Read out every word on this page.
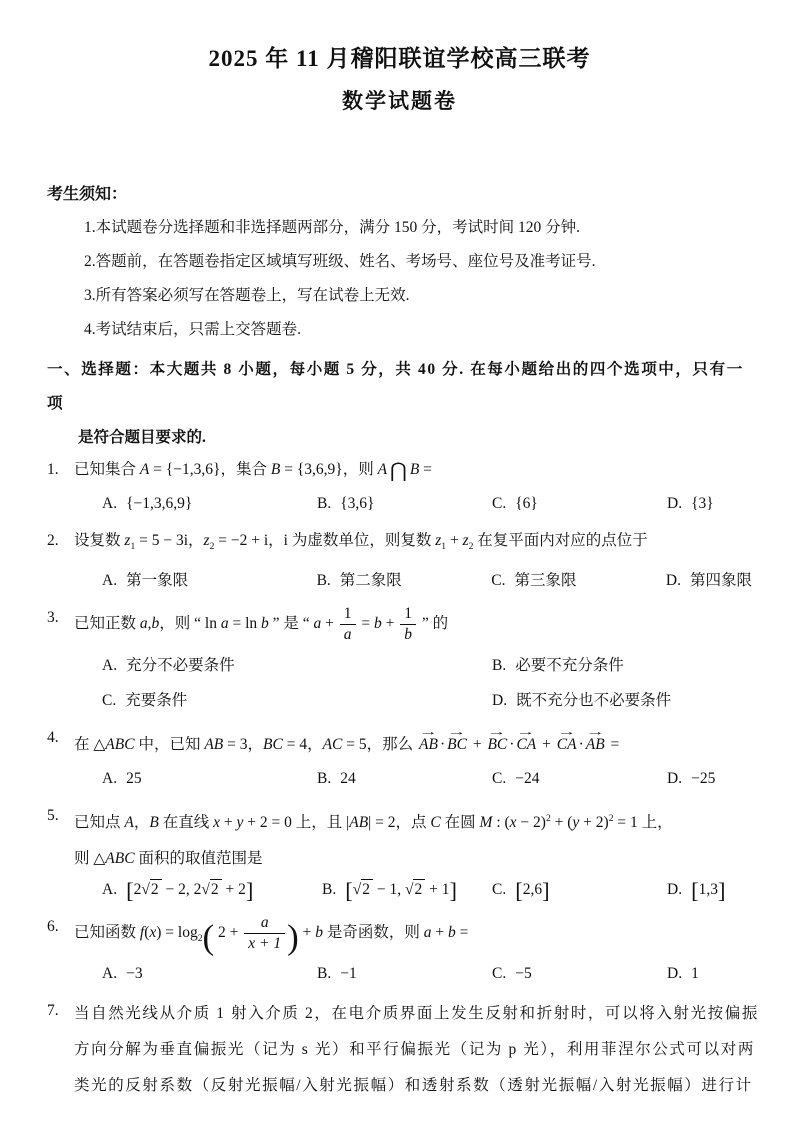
2025 年 11 月稽阳联谊学校高三联考
数学试题卷
考生须知：
1.本试题卷分选择题和非选择题两部分，满分 150 分，考试时间 120 分钟.
2.答题前，在答题卷指定区域填写班级、姓名、考场号、座位号及准考证号.
3.所有答案必须写在答题卷上，写在试卷上无效.
4.考试结束后，只需上交答题卷.
一、选择题：本大题共 8 小题，每小题 5 分，共 40 分. 在每小题给出的四个选项中，只有一项
是符合题目要求的.
1. 已知集合 A = {−1,3,6}，集合 B = {3,6,9}，则 A ⋂ B =
A. {−1,3,6,9}	B. {3,6}	C. {6}	D. {3}
2. 设复数 $z_1 = 5 - 3i$，$z_2 = -2 + i$，i 为虚数单位，则复数 $z_1 + z_2$ 在复平面内对应的点位于
A. 第一象限	B. 第二象限	C. 第三象限	D. 第四象限
3. 已知正数 a,b，则 “ ln a = ln b ” 是 “ $a + \frac{1}{a} = b + \frac{1}{b}$ ” 的
A. 充分不必要条件	B. 必要不充分条件
C. 充要条件	D. 既不充分也不必要条件
4. 在 △ABC 中，已知 AB = 3，BC = 4，AC = 5，那么 → AB · → BC + → BC · → CA + → CA · → AB =
A. 25	B. 24	C. −24	D. −25
5. 已知点 A，B 在直线 x + y + 2 = 0 上，且 |AB| = 2，点 C 在圆 M : $(x - 2)^2 + (y + 2)^2 = 1$ 上，
则 △ABC 面积的取值范围是
A. [2√2 − 2, 2√2 + 2]	B. [√2 − 1, √2 + 1] C. [2,6]	D. [1,3]
6. 已知函数 $f(x) = \log_2$( $2 + \frac{a}{x + 1}$ ) + b 是奇函数，则 a + b =
A. −3	B. −1	C. −5	D. 1
7. 当自然光线从介质 1 射入介质 2，在电介质界面上发生反射和折射时，可以将入射光按偏振
方向分解为垂直偏振光（记为 s 光）和平行偏振光（记为 p 光），利用菲涅尔公式可以对两
类光的反射系数（反射光振幅/入射光振幅）和透射系数（透射光振幅/入射光振幅）进行计
